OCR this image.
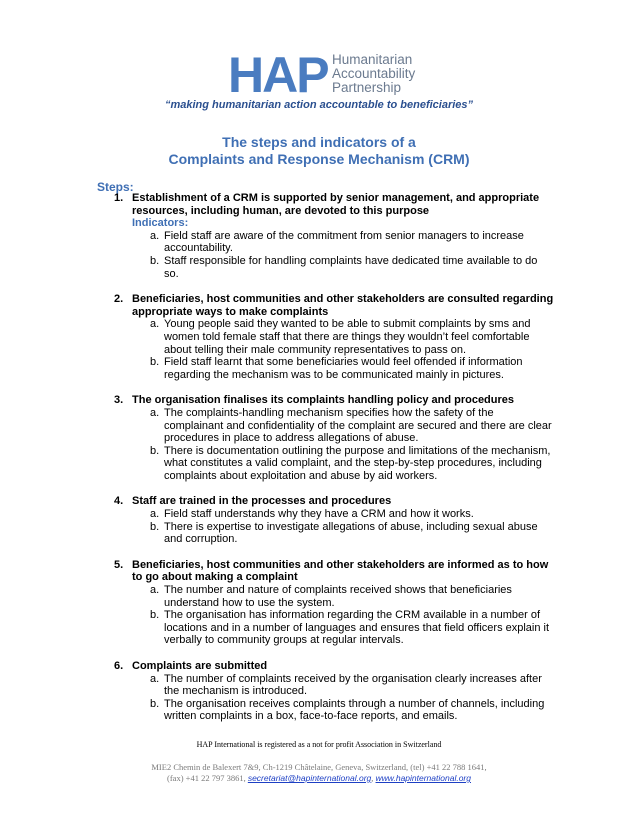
HAP Humanitarian
Accountability
Partnership
“making humanitarian action accountable to beneficiaries”
The steps and indicators of a
Complaints and Response Mechanism (CRM)
Steps:
1. Establishment of a CRM is supported by senior management, and appropriate resources, including human, are devoted to this purpose
Indicators:
a. Field staff are aware of the commitment from senior managers to increase accountability.
b. Staff responsible for handling complaints have dedicated time available to do so.
2. Beneficiaries, host communities and other stakeholders are consulted regarding appropriate ways to make complaints
a. Young people said they wanted to be able to submit complaints by sms and women told female staff that there are things they wouldn’t feel comfortable about telling their male community representatives to pass on.
b. Field staff learnt that some beneficiaries would feel offended if information regarding the mechanism was to be communicated mainly in pictures.
3. The organisation finalises its complaints handling policy and procedures
a. The complaints-handling mechanism specifies how the safety of the complainant and confidentiality of the complaint are secured and there are clear procedures in place to address allegations of abuse.
b. There is documentation outlining the purpose and limitations of the mechanism, what constitutes a valid complaint, and the step-by-step procedures, including complaints about exploitation and abuse by aid workers.
4. Staff are trained in the processes and procedures
a. Field staff understands why they have a CRM and how it works.
b. There is expertise to investigate allegations of abuse, including sexual abuse and corruption.
5. Beneficiaries, host communities and other stakeholders are informed as to how to go about making a complaint
a. The number and nature of complaints received shows that beneficiaries understand how to use the system.
b. The organisation has information regarding the CRM available in a number of locations and in a number of languages and ensures that field officers explain it verbally to community groups at regular intervals.
6. Complaints are submitted
a. The number of complaints received by the organisation clearly increases after the mechanism is introduced.
b. The organisation receives complaints through a number of channels, including written complaints in a box, face-to-face reports, and emails.
HAP International is registered as a not for profit Association in Switzerland
MIE2 Chemin de Balexert 7&9, Ch-1219 Châtelaine, Geneva, Switzerland, (tel) +41 22 788 1641,
(fax) +41 22 797 3861, secretariat@hapinternational.org, www.hapinternational.org
